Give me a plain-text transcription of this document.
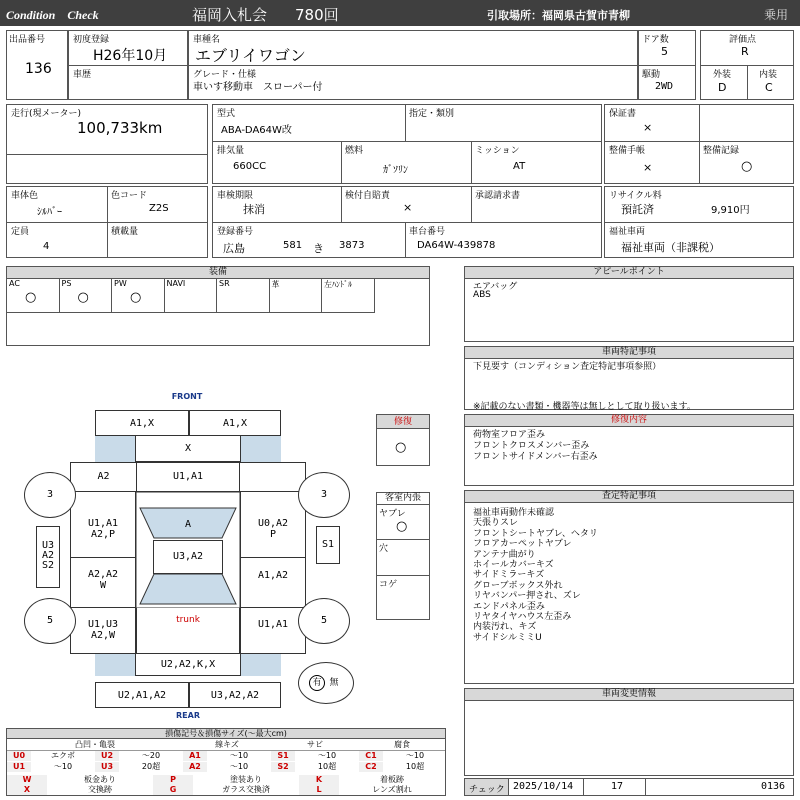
Condition　Check	福岡入札会 780回	引取場所：福岡県古賀市青柳	乗用
出品番号
136
初度登録
H26年10月
車歴
車種名
エブリイワゴン
グレード・仕様
車いす移動車　スローパー付
ドア数
5
駆動
2WD
評価点
R
外装
D
内装
C
走行(現メーター)
100,733km
型式
ABA-DA64W改
指定・類別
排気量
660CC
燃料
ｶﾞｿﾘﾝ
ミッション
AT
保証書
×
整備手帳
×
整備記録
○
車体色
ｼﾙﾊﾞｰ
色コード
Z2S
定員
4
積載量
車検期限
抹消
検付自賠責
×
承認請求書
登録番号
広島	581 き 3873
車台番号
DA64W-439878
リサイクル料
預託済	9,910円
福祉車両
福祉車両（非課税）
装備
AC
○
PS
○
PW
○
NAVI	SR	革	左ﾊﾝﾄﾞﾙ
アピールポイント
エアバッグ
ABS
車両特記事項
下見要す（コンディション査定特記事項参照）
※記載のない書類・機器等は無しとして取り扱います。
修復内容
荷物室フロア歪み
フロントクロスメンバー歪み
フロントサイドメンバー右歪み
査定特記事項
福祉車両動作未確認
天張りスレ
フロントシートヤブレ、ヘタリ
フロアカーペットヤブレ
アンテナ曲がり
ホイールカバーキズ
サイドミラーキズ
グローブボックス外れ
リヤバンパー押され、ズレ
エンドパネル歪み
リヤタイヤハウス左歪み
内装汚れ、キズ
サイドシルミミU
車両変更情報
チェック 2025/10/14	17	0136
修復
○
客室内張
ヤブレ
○
穴
コゲ
FRONT
REAR
A1,X	A1,X
X
A2	U1,A1
U1,A1
A2,P
U0,A2
P
A2,A2
W
A1,A2
A
U3,A2
U1,U3
A2,W
trunk	U1,A1
U2,A2,K,X
U2,A1,A2	U3,A2,A2
U3
A2
S2
S1
3	3
5	5
有 無
損傷記号＆損傷サイズ(〜最大cm)
凸凹・亀裂	線キズ	サビ	腐食
U0	エクボ	U2	〜20	A1	〜10	S1	〜10	C1	〜10
U1	〜10	U3	20超	A2	〜10	S2	10超	C2	10超
W	板金あり	P	塗装あり	K	着板跡
X	交換跡	G	ガラス交換済	L	レンズ割れ
